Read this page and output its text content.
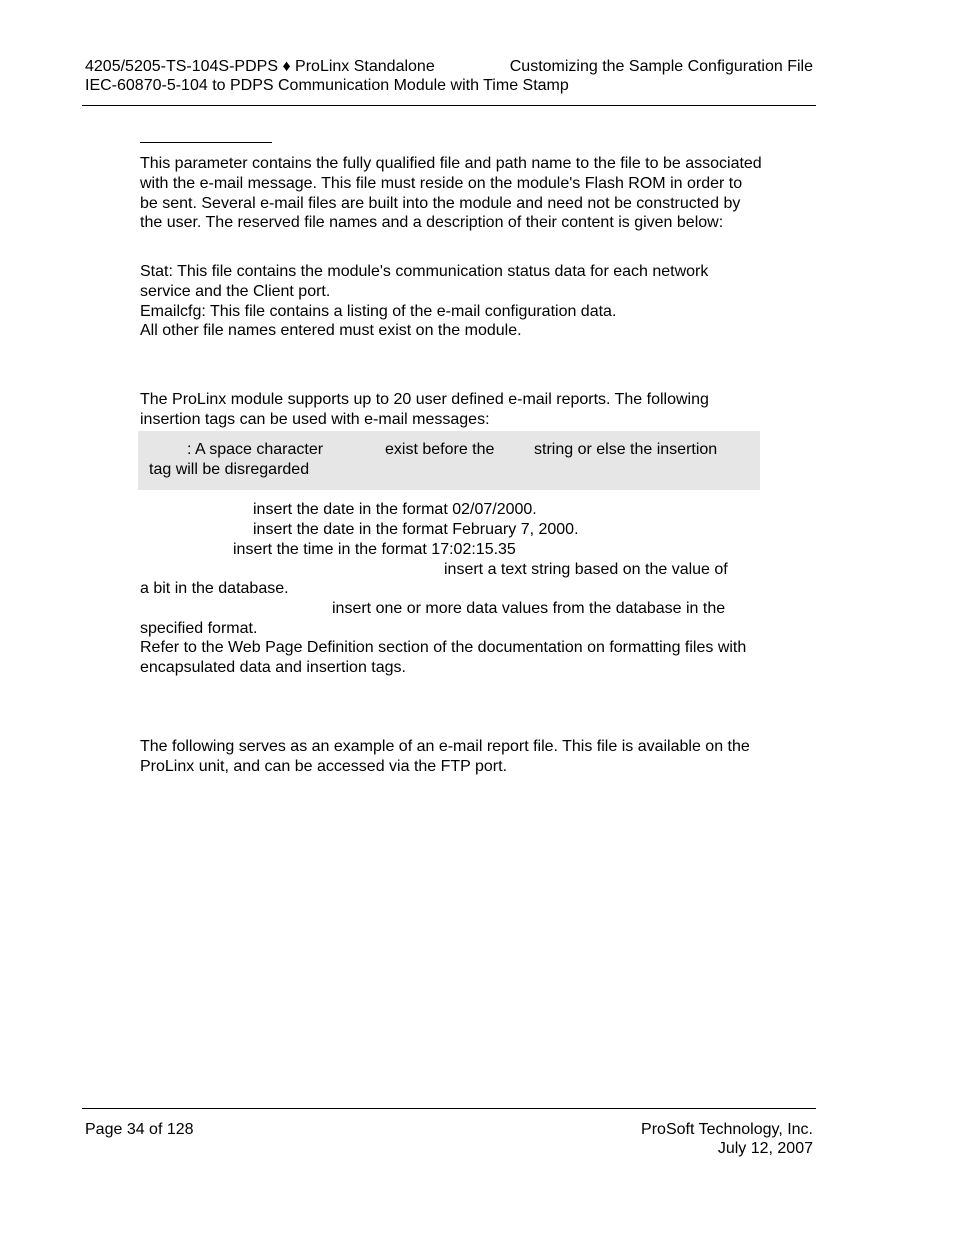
4205/5205-TS-104S-PDPS ♦ ProLinx Standalone	Customizing the Sample Configuration File
IEC-60870-5-104 to PDPS Communication Module with Time Stamp

This parameter contains the fully qualified file and path name to the file to be associated with the e-mail message. This file must reside on the module's Flash ROM in order to be sent. Several e-mail files are built into the module and need not be constructed by the user. The reserved file names and a description of their content is given below:

Stat: This file contains the module's communication status data for each network service and the Client port.

Emailcfg: This file contains a listing of the e-mail configuration data.

All other file names entered must exist on the module.

The ProLinx module supports up to 20 user defined e-mail reports. The following insertion tags can be used with e-mail messages:

: A space character	exist before the string or else the insertion
tag will be disregarded
insert the date in the format 02/07/2000.
insert the date in the format February 7, 2000.
insert the time in the format 17:02:15.35
insert a text string based on the value of
a bit in the database.
insert one or more data values from the database in the
specified format.

Refer to the Web Page Definition section of the documentation on formatting files with encapsulated data and insertion tags.

The following serves as an example of an e-mail report file. This file is available on the ProLinx unit, and can be accessed via the FTP port.

Page 34 of 128	ProSoft Technology, Inc.
July 12, 2007
